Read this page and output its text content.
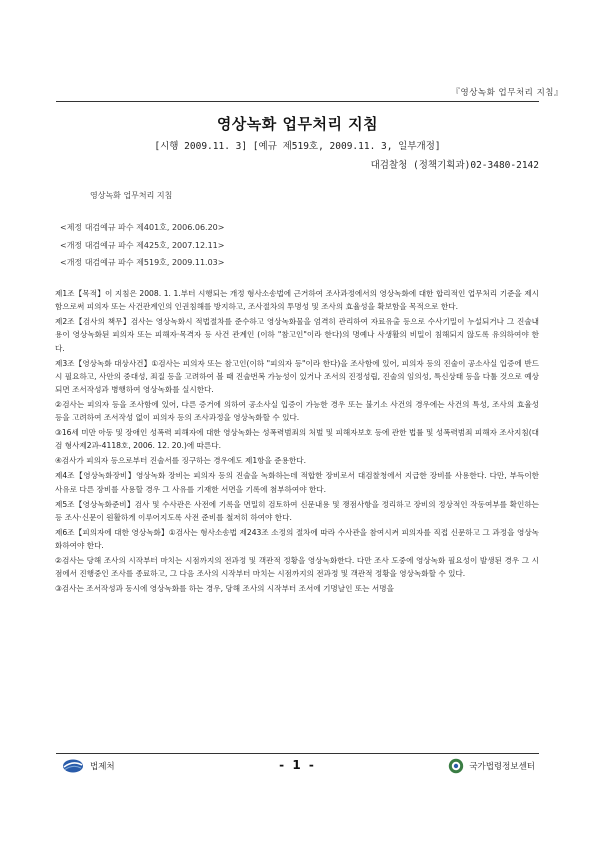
『영상녹화 업무처리 지침』
영상녹화 업무처리 지침
[시행 2009.11. 3] [예규 제519호, 2009.11. 3, 일부개정]
대검찰청 (정책기획과)02-3480-2142
영상녹화 업무처리 지침
<제정 대검예규 파수 제401호, 2006.06.20>
<개정 대검예규 파수 제425호, 2007.12.11>
<개정 대검예규 파수 제519호, 2009.11.03>

제1조【목적】이 지침은 2008. 1. 1.부터 시행되는 개정 형사소송법에 근거하여 조사과정에서의 영상녹화에 대한 합리적인 업무처리 기준을 제시함으로써 피의자 또는 사건관계인의 인권침해를 방지하고, 조사절차의 투명성 및 조사의 효율성을 확보함을 목적으로 한다.

제2조【검사의 책무】검사는 영상녹화시 적법절차를 준수하고 영상녹화물을 엄격히 관리하여 자료유출 등으로 수사기밀이 누설되거나 그 진술내용이 영상녹화된 피의자 또는 피해자·목격자 등 사건 관계인 (이하 "참고인"이라 한다)의 명예나 사생활의 비밀이 침해되지 않도록 유의하여야 한다.

제3조【영상녹화 대상사건】①검사는 피의자 또는 참고인(이하 "피의자 등"이라 한다)을 조사함에 있어, 피의자 등의 진술이 공소사실 입증에 반드시 필요하고, 사안의 중대성, 죄질 등을 고려하여 볼 때 진술번복 가능성이 있거나 조서의 진정성립, 진술의 임의성, 특신상태 등을 다툴 것으로 예상되면 조서작성과 병행하여 영상녹화를 실시한다.

②검사는 피의자 등을 조사함에 있어, 다른 증거에 의하여 공소사실 입증이 가능한 경우 또는 불기소 사건의 경우에는 사건의 특성, 조사의 효율성 등을 고려하여 조서작성 없이 피의자 등의 조사과정을 영상녹화할 수 있다.

③16세 미만 아동 및 장애인 성폭력 피해자에 대한 영상녹화는 성폭력범죄의 처벌 및 피해자보호 등에 관한 법률 및 성폭력범죄 피해자 조사지침(대검 형사제2과-4118호, 2006. 12. 20.)에 따른다.

④검사가 피의자 등으로부터 진술서를 징구하는 경우에도 제1항을 준용한다.

제4조【영상녹화장비】영상녹화 장비는 피의자 등의 진술을 녹화하는데 적합한 장비로서 대검찰청에서 지급한 장비를 사용한다. 다만, 부득이한 사유로 다른 장비를 사용할 경우 그 사유를 기재한 서면을 기록에 첨부하여야 한다.

제5조【영상녹화준비】검사 및 수사관은 사전에 기록을 면밀히 검토하여 신문내용 및 쟁점사항을 정리하고 장비의 정상적인 작동여부를 확인하는 등 조사·신문이 원활하게 이루어지도록 사전 준비를 철저히 하여야 한다.

제6조【피의자에 대한 영상녹화】①검사는 형사소송법 제243조 소정의 절차에 따라 수사관을 참여시켜 피의자를 직접 신문하고 그 과정을 영상녹화하여야 한다.

②검사는 당해 조사의 시작부터 마치는 시점까지의 전과정 및 객관적 정황을 영상녹화한다. 다만 조사 도중에 영상녹화 필요성이 발생된 경우 그 시점에서 진행중인 조사를 종료하고, 그 다음 조사의 시작부터 마치는 시점까지의 전과정 및 객관적 정황을 영상녹화할 수 있다.

③검사는 조서작성과 동시에 영상녹화를 하는 경우, 당해 조사의 시작부터 조서에 기명날인 또는 서명을

법제처	- 1 -	국가법령정보센터
